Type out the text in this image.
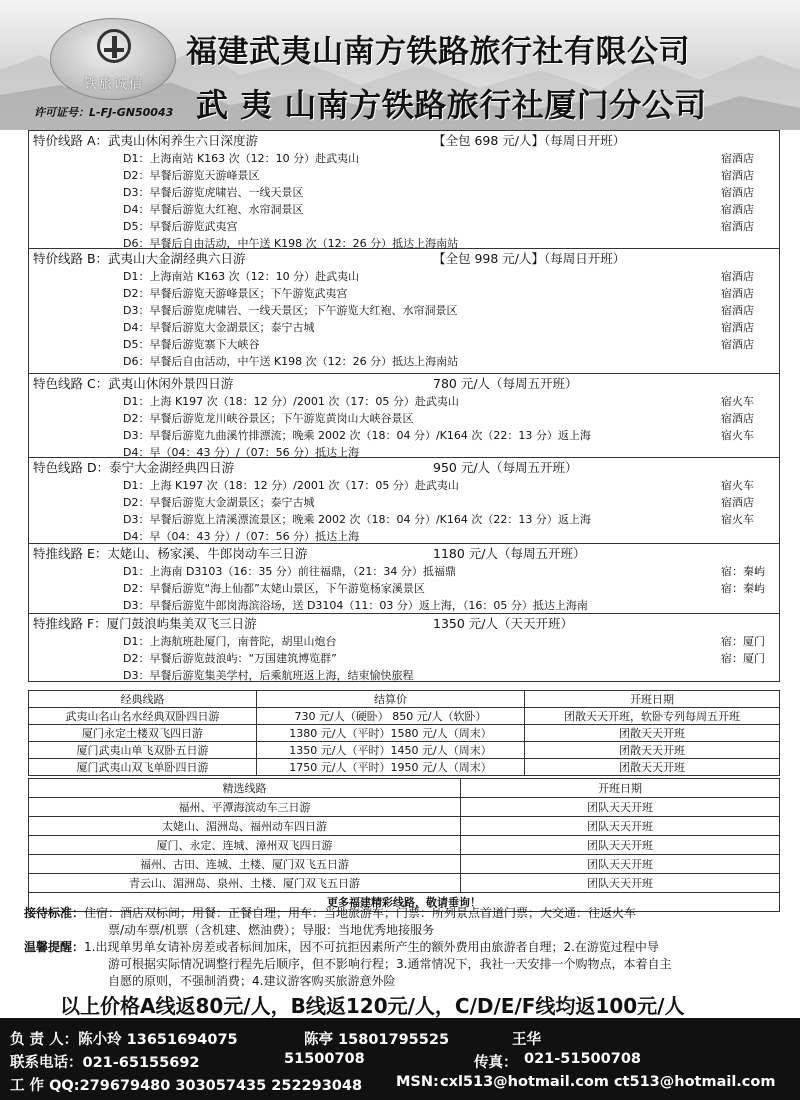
铁旅诚信
许可证号：L-FJ-GN50043
福建武夷山南方铁路旅行社有限公司
武 夷 山南方铁路旅行社厦门分公司
特价线路 A：武夷山休闲养生六日深度游	【全包 698 元/人】（每周日开班）
D1：上海南站 K163 次（12：10 分）赴武夷山	宿酒店
D2：早餐后游览天游峰景区	宿酒店
D3：早餐后游览虎啸岩、一线天景区	宿酒店
D4：早餐后游览大红袍、水帘洞景区	宿酒店
D5：早餐后游览武夷宫	宿酒店
D6：早餐后自由活动，中午送 K198 次（12：26 分）抵达上海南站
特价线路 B：武夷山大金湖经典六日游	【全包 998 元/人】（每周日开班）
D1：上海南站 K163 次（12：10 分）赴武夷山	宿酒店
D2：早餐后游览天游峰景区；下午游览武夷宫	宿酒店
D3：早餐后游览虎啸岩、一线天景区；下午游览大红袍、水帘洞景区	宿酒店
D4：早餐后游览大金湖景区；泰宁古城	宿酒店
D5：早餐后游览寨下大峡谷	宿酒店
D6：早餐后自由活动，中午送 K198 次（12：26 分）抵达上海南站
特色线路 C：武夷山休闲外景四日游	780 元/人（每周五开班）
D1：上海 K197 次（18：12 分）/2001 次（17：05 分）赴武夷山	宿火车
D2：早餐后游览龙川峡谷景区；下午游览黄岗山大峡谷景区	宿酒店
D3：早餐后游览九曲溪竹排漂流；晚乘 2002 次（18：04 分）/K164 次（22：13 分）返上海	宿火车
D4：早（04：43 分）/（07：56 分）抵达上海
特色线路 D：泰宁大金湖经典四日游	950 元/人（每周五开班）
D1：上海 K197 次（18：12 分）/2001 次（17：05 分）赴武夷山	宿火车
D2：早餐后游览大金湖景区；泰宁古城	宿酒店
D3：早餐后游览上清溪漂流景区；晚乘 2002 次（18：04 分）/K164 次（22：13 分）返上海	宿火车
D4：早（04：43 分）/（07：56 分）抵达上海
特推线路 E：太姥山、杨家溪、牛郎岗动车三日游	1180 元/人（每周五开班）
D1：上海南 D3103（16：35 分）前往福鼎，（21：34 分）抵福鼎	宿：秦屿
D2：早餐后游览“海上仙都”太姥山景区，下午游览杨家溪景区	宿：秦屿
D3：早餐后游览牛郎岗海滨浴场，送 D3104（11：03 分）返上海，（16：05 分）抵达上海南
特推线路 F：厦门鼓浪屿集美双飞三日游	1350 元/人（天天开班）
D1：上海航班赴厦门，南普陀，胡里山炮台	宿：厦门
D2：早餐后游览鼓浪屿：“万国建筑博览群”	宿：厦门
D3：早餐后游览集美学村，后乘航班返上海，结束愉快旅程
经典线路	结算价	开班日期
武夷山名山名水经典双卧四日游	730 元/人（硬卧） 850 元/人（软卧）	团散天天开班，软卧专列每周五开班
厦门永定土楼双飞四日游	1380 元/人（平时）1580 元/人（周末）	团散天天开班
厦门武夷山单飞双卧五日游	1350 元/人（平时）1450 元/人（周末）	团散天天开班
厦门武夷山双飞单卧四日游	1750 元/人（平时）1950 元/人（周末）	团散天天开班
精选线路	开班日期
福州、平潭海滨动车三日游	团队天天开班
太姥山、湄洲岛、福州动车四日游	团队天天开班
厦门、永定、连城、漳州双飞四日游	团队天天开班
福州、古田、连城、土楼、厦门双飞五日游	团队天天开班
青云山、湄洲岛、泉州、土楼、厦门双飞五日游	团队天天开班
更多福建精彩线路，敬请垂询！	
接待标准：住宿：酒店双标间；用餐：正餐自理；用车：当地旅游车；门票：所列景点首道门票；大交通：往返火车
票/动车票/机票（含机建、燃油费）；导服：当地优秀地接服务
温馨提醒：1.出现单男单女请补房差或者标间加床，因不可抗拒因素所产生的额外费用由旅游者自理；2.在游览过程中导
游可根据实际情况调整行程先后顺序，但不影响行程；3.通常情况下，我社一天安排一个购物点，本着自主
自愿的原则，不强制消费；4.建议游客购买旅游意外险
以上价格A线返80元/人，B线返120元/人，C/D/E/F线均返100元/人
负 责 人：陈小玲 13651694075	陈亭 15801795525	王华
联系电话：021-65155692	51500708	传真： 021-51500708
工 作 QQ:279679480 303057435 252293048 MSN: cxl513@hotmail.com ct513@hotmail.com
